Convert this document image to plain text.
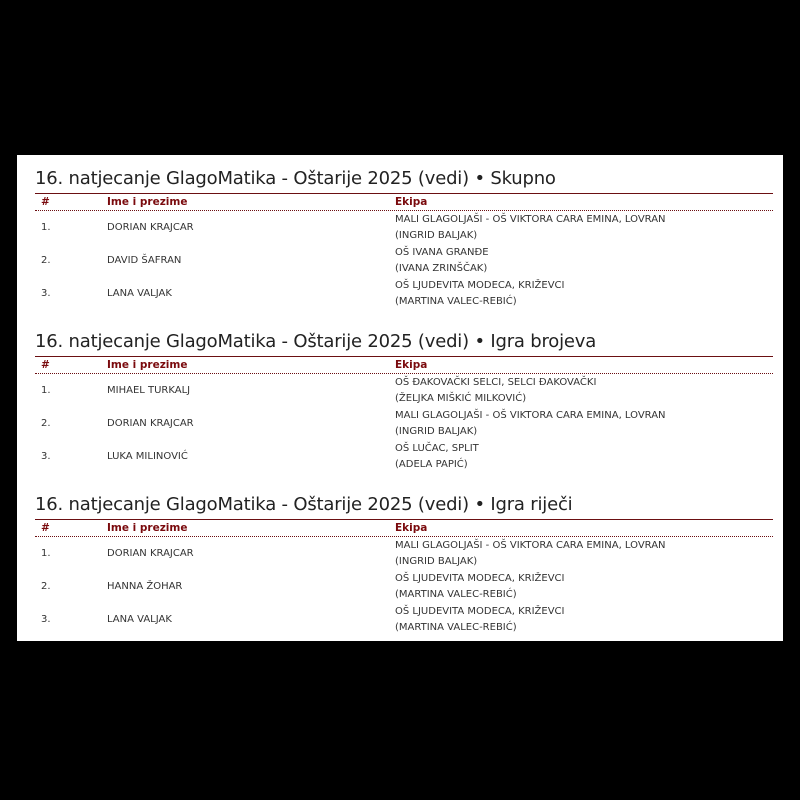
16. natjecanje GlagoMatika - Oštarije 2025 (vedi) • Skupno
#	Ime i prezime	Ekipa
1.	DORIAN KRAJCAR
MALI GLAGOLJAŠI - OŠ VIKTORA CARA EMINA, LOVRAN
(INGRID BALJAK)
2.	DAVID ŠAFRAN
OŠ IVANA GRANĐE
(IVANA ZRINŠČAK)
3.	LANA VALJAK
OŠ LJUDEVITA MODECA, KRIŽEVCI
(MARTINA VALEC-REBIĆ)
16. natjecanje GlagoMatika - Oštarije 2025 (vedi) • Igra brojeva
#	Ime i prezime	Ekipa
1.	MIHAEL TURKALJ
OŠ ĐAKOVAČKI SELCI, SELCI ĐAKOVAČKI
(ŽELJKA MIŠKIĆ MILKOVIĆ)
2.	DORIAN KRAJCAR
MALI GLAGOLJAŠI - OŠ VIKTORA CARA EMINA, LOVRAN
(INGRID BALJAK)
3.	LUKA MILINOVIĆ
OŠ LUČAC, SPLIT
(ADELA PAPIĆ)
16. natjecanje GlagoMatika - Oštarije 2025 (vedi) • Igra riječi
#	Ime i prezime	Ekipa
1.	DORIAN KRAJCAR
MALI GLAGOLJAŠI - OŠ VIKTORA CARA EMINA, LOVRAN
(INGRID BALJAK)
2.	HANNA ŽOHAR
OŠ LJUDEVITA MODECA, KRIŽEVCI
(MARTINA VALEC-REBIĆ)
3.	LANA VALJAK
OŠ LJUDEVITA MODECA, KRIŽEVCI
(MARTINA VALEC-REBIĆ)
